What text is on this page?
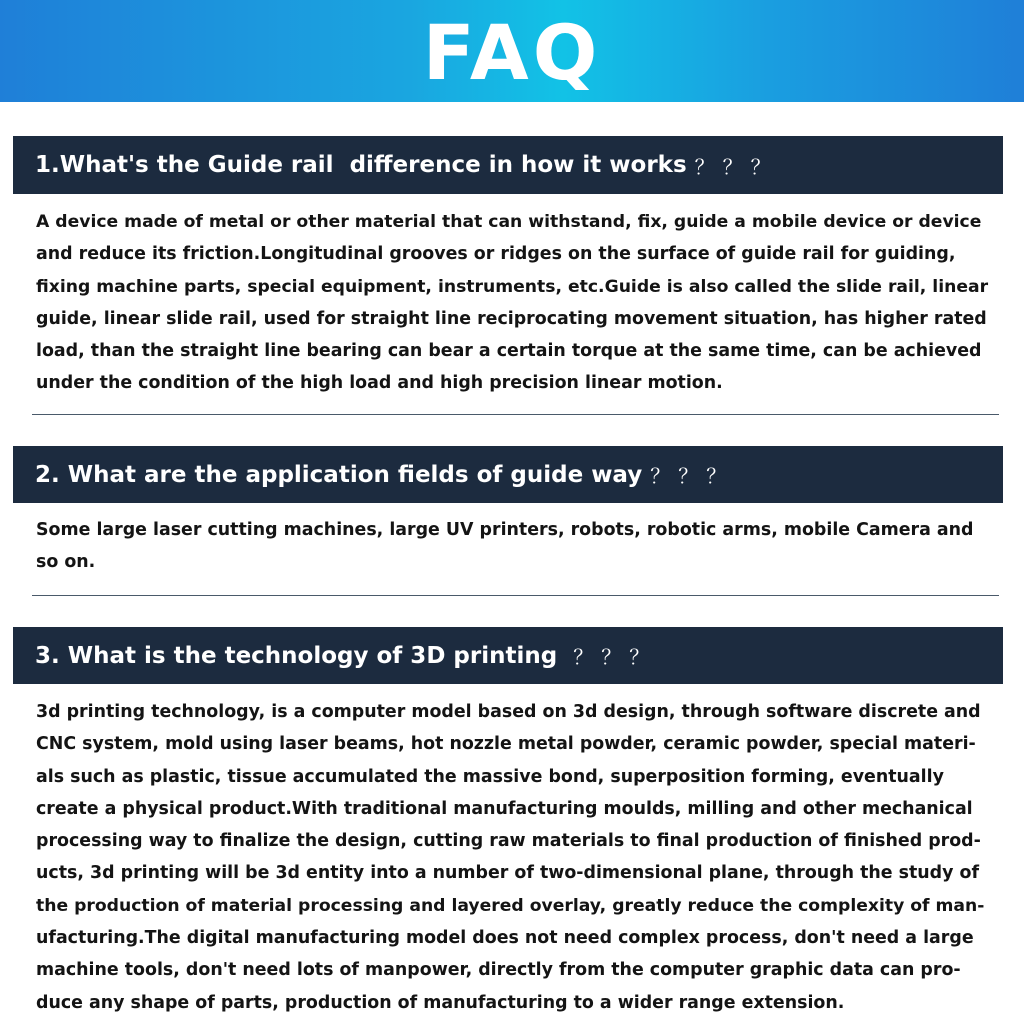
FAQ
1.What's the Guide rail  difference in how it works ？？？
A device made of metal or other material that can withstand, fix, guide a mobile device or device
and reduce its friction.Longitudinal grooves or ridges on the surface of guide rail for guiding,
fixing machine parts, special equipment, instruments, etc.Guide is also called the slide rail, linear
guide, linear slide rail, used for straight line reciprocating movement situation, has higher rated
load, than the straight line bearing can bear a certain torque at the same time, can be achieved
under the condition of the high load and high precision linear motion.
2. What are the application fields of guide way ？？？
Some large laser cutting machines, large UV printers, robots, robotic arms, mobile Camera and
so on.
3. What is the technology of 3D printing ？？？
3d printing technology, is a computer model based on 3d design, through software discrete and
CNC system, mold using laser beams, hot nozzle metal powder, ceramic powder, special materi-
als such as plastic, tissue accumulated the massive bond, superposition forming, eventually
create a physical product.With traditional manufacturing moulds, milling and other mechanical
processing way to finalize the design, cutting raw materials to final production of finished prod-
ucts, 3d printing will be 3d entity into a number of two-dimensional plane, through the study of
the production of material processing and layered overlay, greatly reduce the complexity of man-
ufacturing.The digital manufacturing model does not need complex process, don't need a large
machine tools, don't need lots of manpower, directly from the computer graphic data can pro-
duce any shape of parts, production of manufacturing to a wider range extension.
